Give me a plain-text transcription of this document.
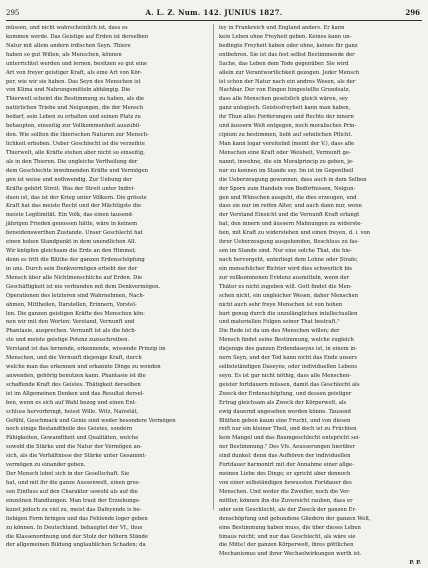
295	A. L. Z. Num. 142. JUNIUS 1827.	296
müssen, und nicht wahrscheinlich ist, dass es
kommen werde. Das Geistige auf Erden ist derselben
Natur mit allem andern irdischen Seyn. Thiere
haben so gut Willen, als Menschen, können
unterrichtet werden und lernen, besitzen so gut eine
Art von freyer geistiger Kraft, als eine Art von Kör-
per, wie wir sie haben. Das Seyn des Menschen ist
von Klima und Nahrungsmitteln abhängig. Die
Thierwelt scheint die Bestimmung zu haben, als die
natürlichen Triebe und Neigungen, die der Mensch
bedarf, sein Leben zu erhalten und seinen Platz zu
behaupten, einseitig zur Vollkommenheit auszubil-
den. Wie sollten die thierischen Naturen zur Mensch-
lichkeit erhoben. Ueber Geschlecht ist die verzeihte
Thierwelt, alle Kräfte stehen aber nicht so einseitig,
als in den Thieren. Die ungleiche Vertheilung der
dem Geschlechte inwohnenden Kräfte und Vermögen
gen ist weise und nothwendig. Zur Uebung der
Kräfte gehört Streit. Was der Streit unter Indivi-
duen ist, das ist der Krieg unter Völkern. Die grösste
Kraft hat das meiste Recht und der Mächtigste die
meiste Legitimität. Ein Volk, das einen tausend-
jährigen Frieden genossen hätte, wäre in keinem
beneidenswerthen Zustande. Unser Geschlecht hat
einen hohen Standpunkt in dem unendlichen All.
Wir knüpfen gleichsam die Erde an den Himmel;
denn es tritt die Blüthe der ganzen Erdenschöpfung
in uns. Durch sein Denkvermögen erhebt der der
Mensch über alle Nichtmenschliche auf Erden. Die
Geschäftigkeit ist nie verbunden mit dem Denkvermögen.
Operationen des letzteren sind Wahrnehmen, Nach-
ahmen, Mittheilen, Darstellen, Erinnern, Vorstel-
len. Die ganzen geistigen Kräfte des Menschen kön-
nen wir mit den Worten: Verstand, Vernunft und
Phantasie, ausprechen. Vernunft ist als die höch-
ste und meiste geistige Potenz zuzuschreiben.
Verstand ist das lernende, erkennende, wissende Prinzip im
Menschen, und die Vernunft diejenige Kraft, durch
welche man das erkennen und erkannte Dinge zu wenden
anwenden, gehörig benutzen kann. Phantasie ist die
schaffende Kraft des Geistes. Thätigkeit derselben
ist im Allgemeinen Denken und das Resultat dersel-
ben, wenn es sich auf Wahl bezog und einen Ent-
schluss hervorbringt, heisst Wille. Witz, Naivetät,
Gefühl, Geschmack und Genie sind weder besondere Vermögen
noch einige Bestandtheile des Geistes, sondern
Fähigkeiten, Gewandtheit und Qualitäten, welche
sowohl die Stärke und die Natur der Vermögen an-
sich, als die Verhältnisse der Stärke unter Gesammt-
vermögen zu einander geben.
Der Mensch lebet sich in der Gesellschaft. Sie
hat, und mit ihr die ganze Aussenwelt, einen gros-
sen Einfluss auf den Charakter sowohl als auf die
einzelnen Handlungen. Man traut der Erziehungs-
kunst jedoch zu viel zu, meist das Dafeyende is be-
liebigen Form bringen und das Fehlende loger geben
zu können. In Deutschland, behauptet der Vf., thue
die Klassenordnung und der Stolz der höhern Stände
der allgemeinen Bildung unglaublichen Schaden; da
ley in Frankreich und England anders. Er kann
kein Leben ohne Freyheit geben. Keines kann un-
bedingte Freyheit haben oder ohne, keines für ganz
entbehren. Sie ist das fest selbst Bestimmende der
Sache, das Leben dem Tode gegenüber. Sie wird
allein zur Verantwortlichkeit gezogen. Jeder Mensch
ist schon der Natur nach ein andres Wesen, als der
Nachbar. Der von Eingen hingestellte Grundsatz,
dass alle Menschen gesetzlich gleich wären, sey
ganz unlogisch. Geistesfreyheit kann man haben,
ihr Thun alles Forderungen und Rechte der innern
und äussern Welt entgegen, noch moralisches Prin-
cipium zu bestimmen, liebt auf sehnlichen Pflicht.
Man kann logar vereitelnd (meint der V.), dass alle
Menschen eine Kraft oder Weisheit, Vermunft ge-
nannt, inwohne, die ein Moralprincip zu geben, je-
nur zu kennen im Stande sey. Im ist im Gegentheil
die Ueberzeugung gewonnen, dass auch in dem Selben
der Sporn zum Handeln von Bedürfnissen, Neigun-
gen und Wünschen ausgeht, die dies erzeugen, und
dass sie nur im reifen Alter, und auch dann nur, wenn
der Verstand Einsicht und die Vernunft Kraft erlangt
hat, den innern und äussern Mahnungen zu widerste-
hen, mit Kraft zu widerstehen und einen freyen, d. i. von
ihrer Ueberzeugung ausgehenden, Beschluss zu fas-
sen im Stande sind. Nur eine solche That, die hie-
nach hervorgeht, unterliegt dem Lohne oder Strafe;
ein menschlicher Richter wird dies schwerlich bis
zur vollkommenen Evidenz ausmitteln, wenn der
Thäter es nicht zugeben will. Gott findet die Men-
schen nicht, ein ungleicher Wesen, daher Menschen
nicht auch sehr freye Menschen ist von hohen
bart genug durch die unzulänglichen intellectuellen
und materiellen Folgen seiner That bestraft."
Die Rede ist da um des Menschen willen; der
Mensch findet seine Bestimmung, welche zugleich
diejenige des ganzen Erdendaseyns ist, in einem in-
nern Seyn, und der Tod kann nicht das Ende unsers
selbstständigen Daseyns, oder individuellen Lebens
seyn. Es ist gar nicht nöthig, dass alle Menschen-
geister fortdauern müssen, damit das Geschlecht als
Zweck der Erdenschöpfung, und dessen geistiger
Ertrag gleichsam als Zweck der Körperwelt, als
ewig dauernd angesehen werden könne. Tausend
Blüthen geben kaum eine Frucht, und von diesen
reift nur ein kleiner Theil, und doch ist zu Früchten
kein Mangel und das Baumgeschlecht entspricht sei-
ner Bestimmung." Des Vfs. Aeusserungen hierüber
sind dunkel: denn das Aufhören der individuellen
Fortdauer harmonirt mit der Annahme einer allge-
meinen Liebe des Dings; er spricht aber dennoch
von einer selbständigen bewussten Fortdauer des
Menschen. Und weder die Zweifler, noch die Ver-
mittler, können ihn die Zuversicht rauben, dass er
oder sein Geschlecht, als der Zweck der ganzen Er-
denschöpfung und gebundene Gliedern der ganzen Welt,
eine Bestimmung haben muss, die über dieses Leben
hinaus reicht; und nur das Geschlecht, als wäre sie
die Mitte! der ganzen Körperwelt, ihres göttlichen
Mechanismus und ihrer Wechselwirkungen werth ist.
P. P.
